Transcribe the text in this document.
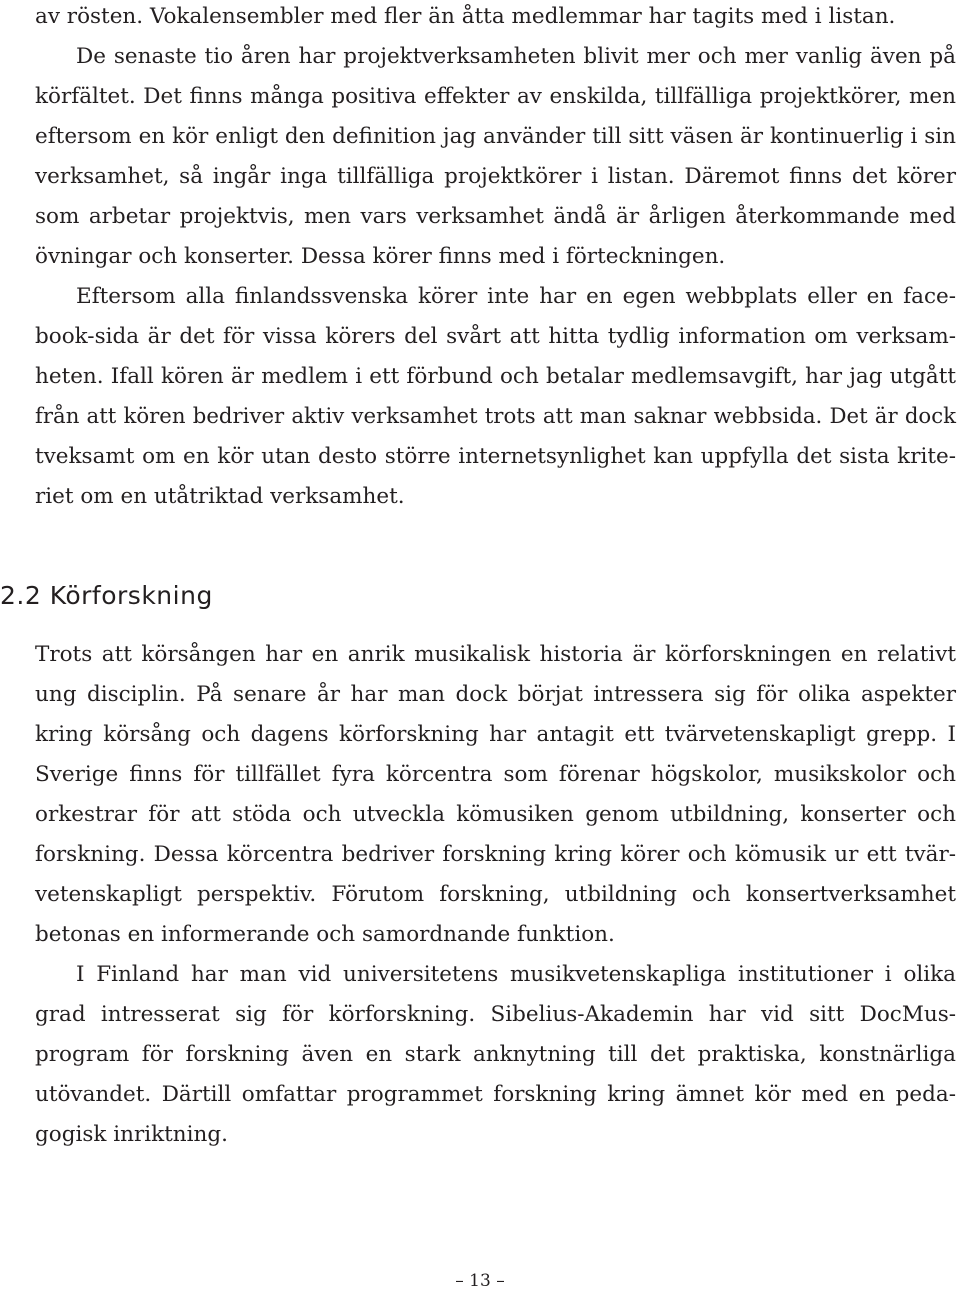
av rösten. Vokalensembler med fler än åtta medlemmar har tagits med i listan.
De senaste tio åren har projektverksamheten blivit mer och mer vanlig även på
körfältet. Det finns många positiva effekter av enskilda, tillfälliga projektkörer, men
eftersom en kör enligt den definition jag använder till sitt väsen är kontinuerlig i sin
verksamhet, så ingår inga tillfälliga projektkörer i listan. Däremot finns det körer
som arbetar projektvis, men vars verksamhet ändå är årligen återkommande med
övningar och konserter. Dessa körer finns med i förteckningen.
Eftersom alla finlandssvenska körer inte har en egen webbplats eller en face-
book-sida är det för vissa körers del svårt att hitta tydlig information om verksam-
heten. Ifall kören är medlem i ett förbund och betalar medlemsavgift, har jag utgått
från att kören bedriver aktiv verksamhet trots att man saknar webbsida. Det är dock
tveksamt om en kör utan desto större internetsynlighet kan uppfylla det sista krite-
riet om en utåtriktad verksamhet.
2.2 Körforskning
Trots att körsången har en anrik musikalisk historia är körforskningen en relativt
ung disciplin. På senare år har man dock börjat intressera sig för olika aspekter
kring körsång och dagens körforskning har antagit ett tvärvetenskapligt grepp. I
Sverige finns för tillfället fyra körcentra som förenar högskolor, musikskolor och
orkestrar för att stöda och utveckla kömusiken genom utbildning, konserter och
forskning. Dessa körcentra bedriver forskning kring körer och kömusik ur ett tvär-
vetenskapligt perspektiv. Förutom forskning, utbildning och konsertverksamhet
betonas en informerande och samordnande funktion.
I Finland har man vid universitetens musikvetenskapliga institutioner i olika
grad intresserat sig för körforskning. Sibelius-Akademin har vid sitt DocMus-
program för forskning även en stark anknytning till det praktiska, konstnärliga
utövandet. Därtill omfattar programmet forskning kring ämnet kör med en peda-
gogisk inriktning.
– 13 –
